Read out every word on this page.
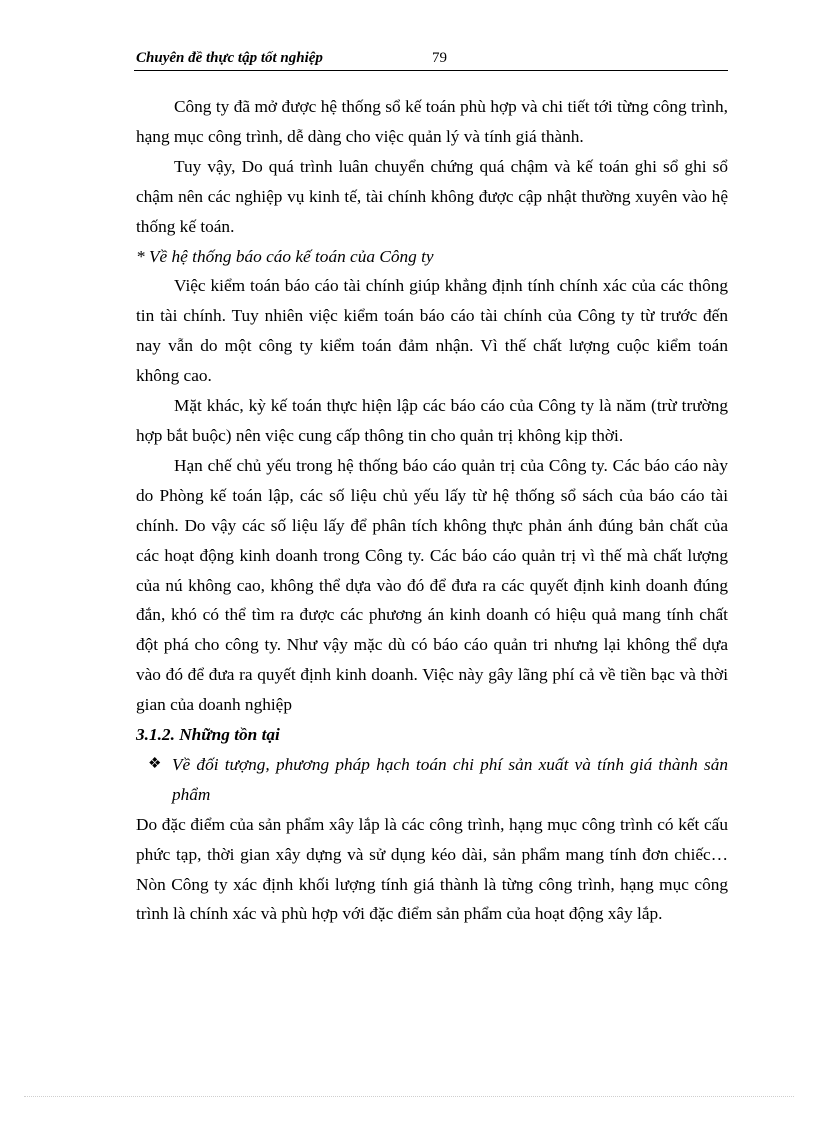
Chuyên đề thực tập tốt nghiệp	79

Công ty đã mở được hệ thống sổ kế toán phù hợp và chi tiết tới từng công trình, hạng mục công trình, dễ dàng cho việc quản lý và tính giá thành.

Tuy vậy, Do quá trình luân chuyển chứng quá chậm và kế toán ghi sổ ghi sổ chậm nên các nghiệp vụ kinh tế, tài chính không được cập nhật thường xuyên vào hệ thống kế toán.

* Về hệ thống báo cáo kế toán của Công ty

Việc kiểm toán báo cáo tài chính giúp khẳng định tính chính xác của các thông tin tài chính. Tuy nhiên việc kiểm toán báo cáo tài chính của Công ty từ trước đến nay vẫn do một công ty kiểm toán đảm nhận. Vì thế chất lượng cuộc kiểm toán không cao.

Mặt khác, kỳ kế toán thực hiện lập các báo cáo của Công ty là năm (trừ trường hợp bắt buộc) nên việc cung cấp thông tin cho quản trị không kịp thời.

Hạn chế chủ yếu trong hệ thống báo cáo quản trị của Công ty. Các báo cáo này do Phòng kế toán lập, các số liệu chủ yếu lấy từ hệ thống sổ sách của báo cáo tài chính. Do vậy các số liệu lấy để phân tích không thực phản ánh đúng bản chất của các hoạt động kinh doanh trong Công ty. Các báo cáo quản trị vì thế mà chất lượng của nú không cao, không thể dựa vào đó để đưa ra các quyết định kinh doanh đúng đắn, khó có thể tìm ra được các phương án kinh doanh có hiệu quả mang tính chất đột phá cho công ty. Như vậy mặc dù có báo cáo quản tri nhưng lại không thể dựa vào đó để đưa ra quyết định kinh doanh. Việc này gây lãng phí cả về tiền bạc và thời gian của doanh nghiệp

3.1.2. Những tồn tại

❖ Về đối tượng, phương pháp hạch toán chi phí sản xuất và tính giá thành sản phẩm

Do đặc điểm của sản phẩm xây lắp là các công trình, hạng mục công trình có kết cấu phức tạp, thời gian xây dựng và sử dụng kéo dài, sản phẩm mang tính đơn chiếc…Nòn Công ty xác định khối lượng tính giá thành là từng công trình, hạng mục công trình là chính xác và phù hợp với đặc điểm sản phẩm của hoạt động xây lắp.
